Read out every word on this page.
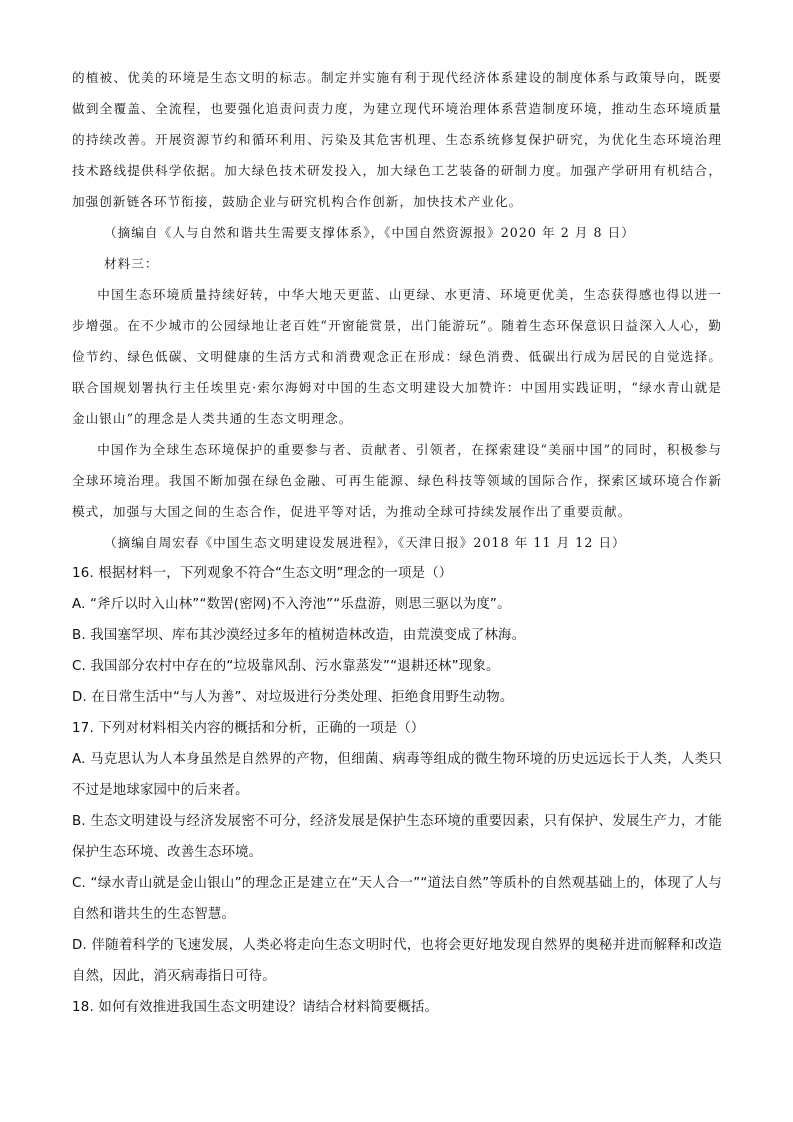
的植被、优美的环境是生态文明的标志。制定并实施有利于现代经济体系建设的制度体系与政策导向，既要做到全覆盖、全流程，也要强化追责问责力度，为建立现代环境治理体系营造制度环境，推动生态环境质量的持续改善。开展资源节约和循环利用、污染及其危害机理、生态系统修复保护研究，为优化生态环境治理技术路线提供科学依据。加大绿色技术研发投入，加大绿色工艺装备的研制力度。加强产学研用有机结合，加强创新链各环节衔接，鼓励企业与研究机构合作创新，加快技术产业化。

（摘编自《人与自然和谐共生需要支撑体系》，《中国自然资源报》2020 年 2 月 8 日）

材料三：

中国生态环境质量持续好转，中华大地天更蓝、山更绿、水更清、环境更优美，生态获得感也得以进一步增强。在不少城市的公园绿地让老百姓“开窗能赏景，出门能游玩”。随着生态环保意识日益深入人心，勤俭节约、绿色低碳、文明健康的生活方式和消费观念正在形成：绿色消费、低碳出行成为居民的自觉选择。联合国规划署执行主任埃里克·索尔海姆对中国的生态文明建设大加赞许：中国用实践证明，“绿水青山就是金山银山”的理念是人类共通的生态文明理念。

中国作为全球生态环境保护的重要参与者、贡献者、引领者，在探索建设“美丽中国”的同时，积极参与全球环境治理。我国不断加强在绿色金融、可再生能源、绿色科技等领域的国际合作，探索区域环境合作新模式，加强与大国之间的生态合作，促进平等对话，为推动全球可持续发展作出了重要贡献。

（摘编自周宏春《中国生态文明建设发展进程》，《天津日报》2018 年 11 月 12 日）

16. 根据材料一，下列观象不符合“生态文明”理念的一项是（）

A. “斧斤以时入山林”“数罟(密网)不入洿池”“乐盘游，则思三驱以为度”。

B. 我国塞罕坝、库布其沙漠经过多年的植树造林改造，由荒漠变成了林海。

C. 我国部分农村中存在的“垃圾靠风刮、污水靠蒸发”“退耕还林”现象。

D. 在日常生活中“与人为善”、对垃圾进行分类处理、拒绝食用野生动物。

17. 下列对材料相关内容的概括和分析，正确的一项是（）

A. 马克思认为人本身虽然是自然界的产物，但细菌、病毒等组成的微生物环境的历史远远长于人类，人类只不过是地球家园中的后来者。

B. 生态文明建设与经济发展密不可分，经济发展是保护生态环境的重要因素，只有保护、发展生产力，才能保护生态环境、改善生态环境。

C. “绿水青山就是金山银山”的理念正是建立在“天人合一”“道法自然”等质朴的自然观基础上的，体现了人与自然和谐共生的生态智慧。

D. 伴随着科学的飞速发展，人类必将走向生态文明时代，也将会更好地发现自然界的奥秘并进而解释和改造自然，因此，消灭病毒指日可待。

18. 如何有效推进我国生态文明建设？请结合材料简要概括。
